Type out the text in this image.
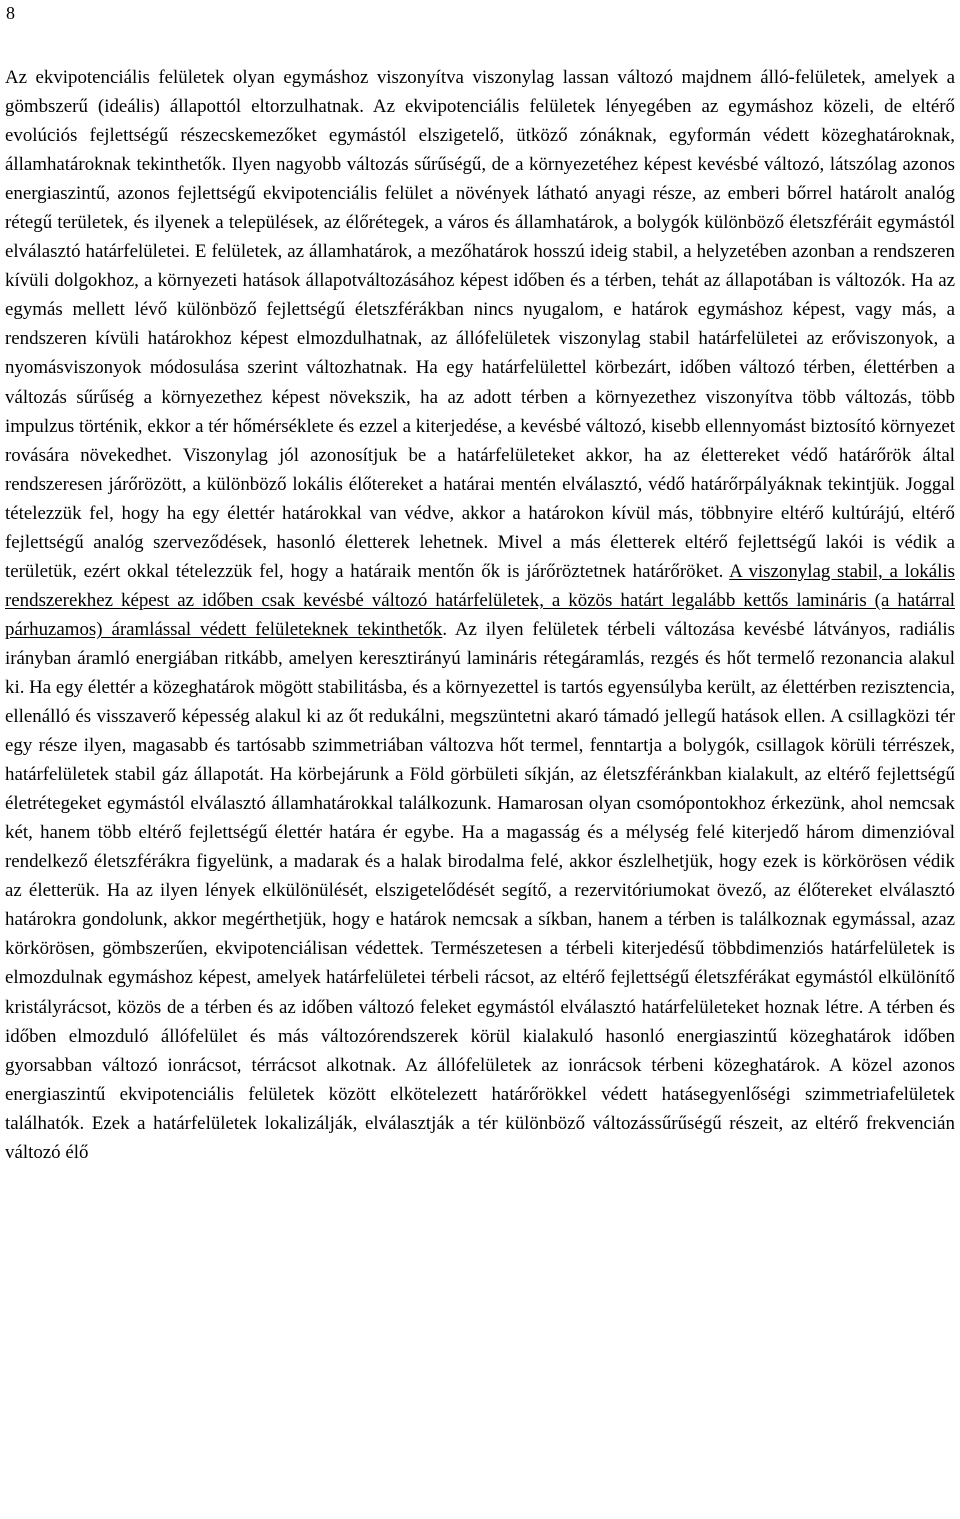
8

Az ekvipotenciális felületek olyan egymáshoz viszonyítva viszonylag lassan változó majdnem álló-felületek, amelyek a gömbszerű (ideális) állapottól eltorzulhatnak. Az ekvipotenciális felületek lényegében az egymáshoz közeli, de eltérő evolúciós fejlettségű részecskemezőket egymástól elszigetelő, ütköző zónáknak, egyformán védett közeghatároknak, államhatároknak tekinthetők. Ilyen nagyobb változás sűrűségű, de a környezetéhez képest kevésbé változó, látszólag azonos energiaszintű, azonos fejlettségű ekvipotenciális felület a növények látható anyagi része, az emberi bőrrel határolt analóg rétegű területek, és ilyenek a települések, az élőrétegek, a város és államhatárok, a bolygók különböző életszféráit egymástól elválasztó határfelületei. E felületek, az államhatárok, a mezőhatárok hosszú ideig stabil, a helyzetében azonban a rendszeren kívüli dolgokhoz, a környezeti hatások állapotváltozásához képest időben és a térben, tehát az állapotában is változók. Ha az egymás mellett lévő különböző fejlettségű életszférákban nincs nyugalom, e határok egymáshoz képest, vagy más, a rendszeren kívüli határokhoz képest elmozdulhatnak, az állófelületek viszonylag stabil határfelületei az erőviszonyok, a nyomásviszonyok módosulása szerint változhatnak. Ha egy határfelülettel körbezárt, időben változó térben, élettérben a változás sűrűség a környezethez képest növekszik, ha az adott térben a környezethez viszonyítva több változás, több impulzus történik, ekkor a tér hőmérséklete és ezzel a kiterjedése, a kevésbé változó, kisebb ellennyomást biztosító környezet rovására növekedhet. Viszonylag jól azonosítjuk be a határfelületeket akkor, ha az élettereket védő határőrök által rendszeresen járőrözött, a különböző lokális élőtereket a határai mentén elválasztó, védő határőrpályáknak tekintjük. Joggal tételezzük fel, hogy ha egy élettér határokkal van védve, akkor a határokon kívül más, többnyire eltérő kultúrájú, eltérő fejlettségű analóg szerveződések, hasonló életterek lehetnek. Mivel a más életterek eltérő fejlettségű lakói is védik a területük, ezért okkal tételezzük fel, hogy a határaik mentőn ők is járőröztetnek határőröket. A viszonylag stabil, a lokális rendszerekhez képest az időben csak kevésbé változó határfelületek, a közös határt legalább kettős lamináris (a határral párhuzamos) áramlással védett felületeknek tekinthetők. Az ilyen felületek térbeli változása kevésbé látványos, radiális irányban áramló energiában ritkább, amelyen keresztirányú lamináris rétegáramlás, rezgés és hőt termelő rezonancia alakul ki. Ha egy élettér a közeghatárok mögött stabilitásba, és a környezettel is tartós egyensúlyba került, az élettérben rezisztencia, ellenálló és visszaverő képesség alakul ki az őt redukálni, megszüntetni akaró támadó jellegű hatások ellen. A csillagközi tér egy része ilyen, magasabb és tartósabb szimmetriában változva hőt termel, fenntartja a bolygók, csillagok körüli térrészek, határfelületek stabil gáz állapotát. Ha körbejárunk a Föld görbületi síkján, az életszféránkban kialakult, az eltérő fejlettségű életrétegeket egymástól elválasztó államhatárokkal találkozunk. Hamarosan olyan csomópontokhoz érkezünk, ahol nemcsak két, hanem több eltérő fejlettségű élettér határa ér egybe. Ha a magasság és a mélység felé kiterjedő három dimenzióval rendelkező életszférákra figyelünk, a madarak és a halak birodalma felé, akkor észlelhetjük, hogy ezek is körkörösen védik az életterük. Ha az ilyen lények elkülönülését, elszigetelődését segítő, a rezervitóriumokat övező, az élőtereket elválasztó határokra gondolunk, akkor megérthetjük, hogy e határok nemcsak a síkban, hanem a térben is találkoznak egymással, azaz körkörösen, gömbszerűen, ekvipotenciálisan védettek. Természetesen a térbeli kiterjedésű többdimenziós határfelületek is elmozdulnak egymáshoz képest, amelyek határfelületei térbeli rácsot, az eltérő fejlettségű életszférákat egymástól elkülönítő kristályrácsot, közös de a térben és az időben változó feleket egymástól elválasztó határfelületeket hoznak létre. A térben és időben elmozduló állófelület és más változórendszerek körül kialakuló hasonló energiaszintű közeghatárok időben gyorsabban változó ionrácsot, térrácsot alkotnak. Az állófelületek az ionrácsok térbeni közeghatárok. A közel azonos energiaszintű ekvipotenciális felületek között elkötelezett határőrökkel védett hatásegyenlőségi szimmetriafelületek találhatók. Ezek a határfelületek lokalizálják, elválasztják a tér különböző változássűrűségű részeit, az eltérő frekvencián változó élő
